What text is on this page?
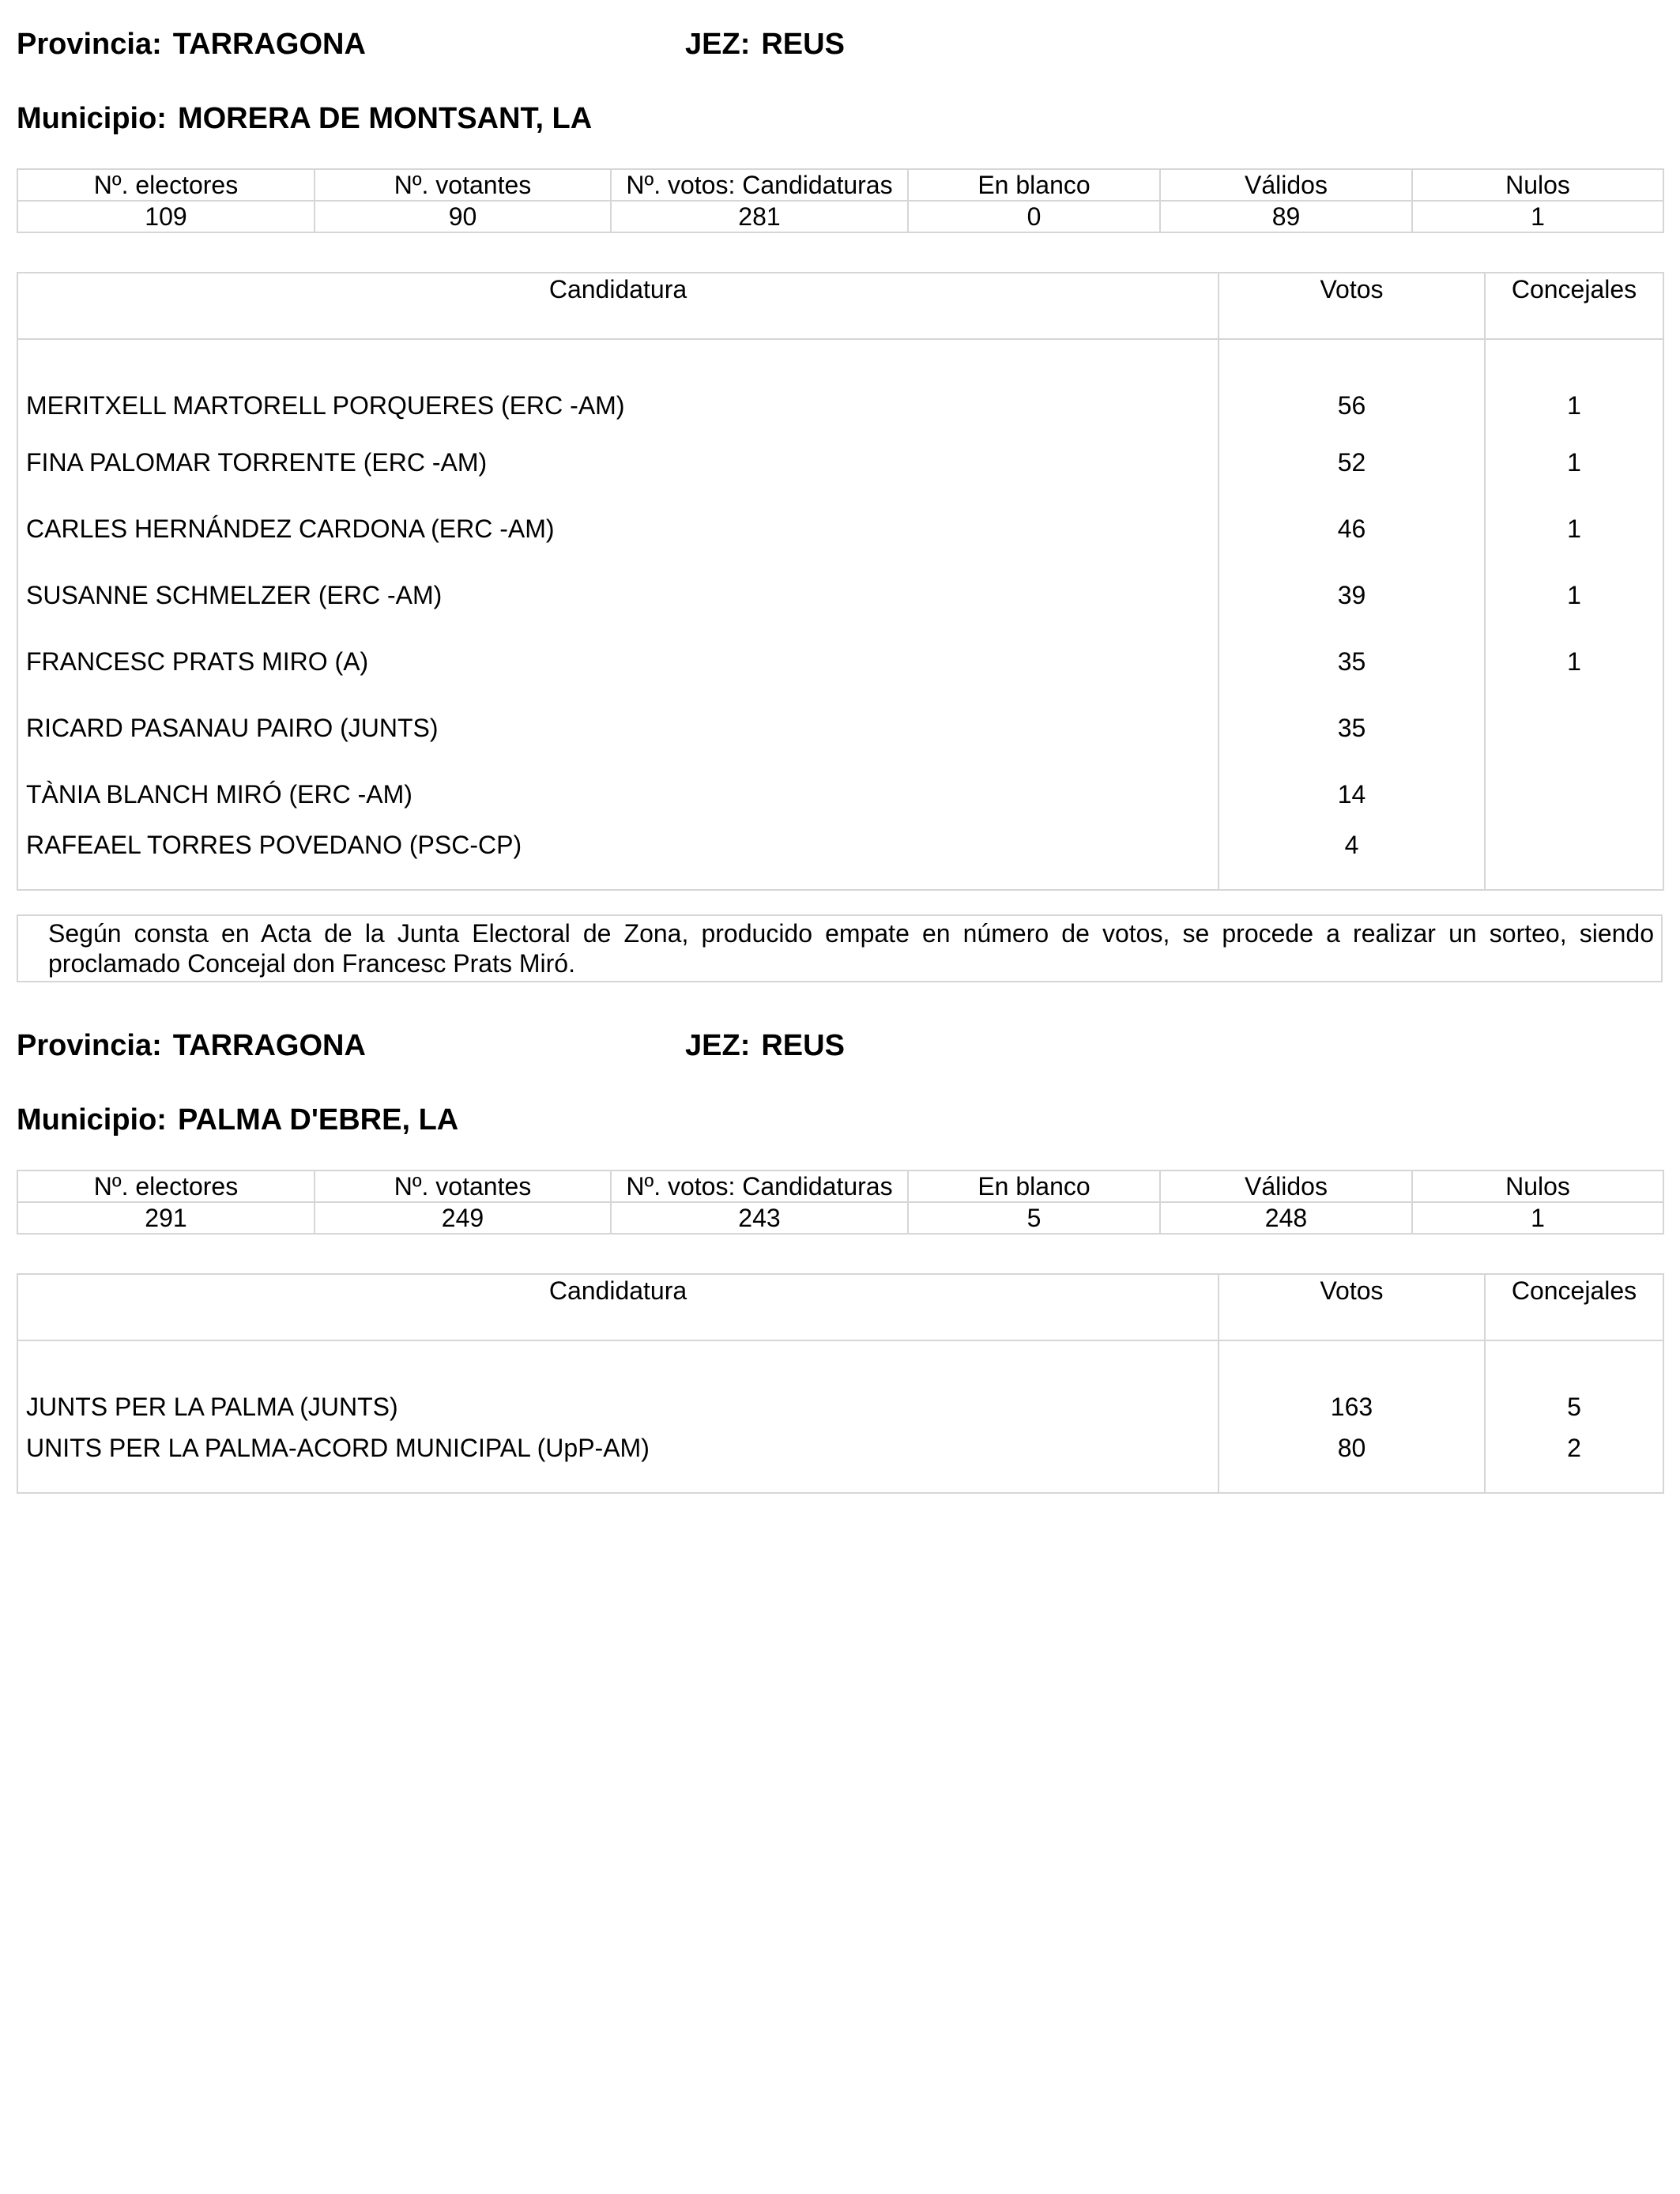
Provincia: TARRAGONA	JEZ: REUS
Municipio: MORERA DE MONTSANT, LA
Nº. electores	Nº. votantes	Nº. votos: Candidaturas	En blanco	Válidos	Nulos
109	90	281	0	89	1
Candidatura	Votos	Concejales
MERITXELL MARTORELL PORQUERES (ERC -AM)	56	1
FINA PALOMAR TORRENTE (ERC -AM)	52	1
CARLES HERNÁNDEZ CARDONA (ERC -AM)	46	1
SUSANNE SCHMELZER (ERC -AM)	39	1
FRANCESC PRATS MIRO (A)	35	1
RICARD PASANAU PAIRO (JUNTS)	35	
TÀNIA BLANCH MIRÓ (ERC -AM)	14	
RAFEAEL TORRES POVEDANO (PSC-CP)	4	
Según consta en Acta de la Junta Electoral de Zona, producido empate en número de votos, se procede a realizar un sorteo, siendo proclamado Concejal don Francesc Prats Miró.
Provincia: TARRAGONA	JEZ: REUS
Municipio: PALMA D'EBRE, LA
Nº. electores	Nº. votantes	Nº. votos: Candidaturas	En blanco	Válidos	Nulos
291	249	243	5	248	1
Candidatura	Votos	Concejales
JUNTS PER LA PALMA (JUNTS)	163	5
UNITS PER LA PALMA-ACORD MUNICIPAL (UpP-AM)	80	2
